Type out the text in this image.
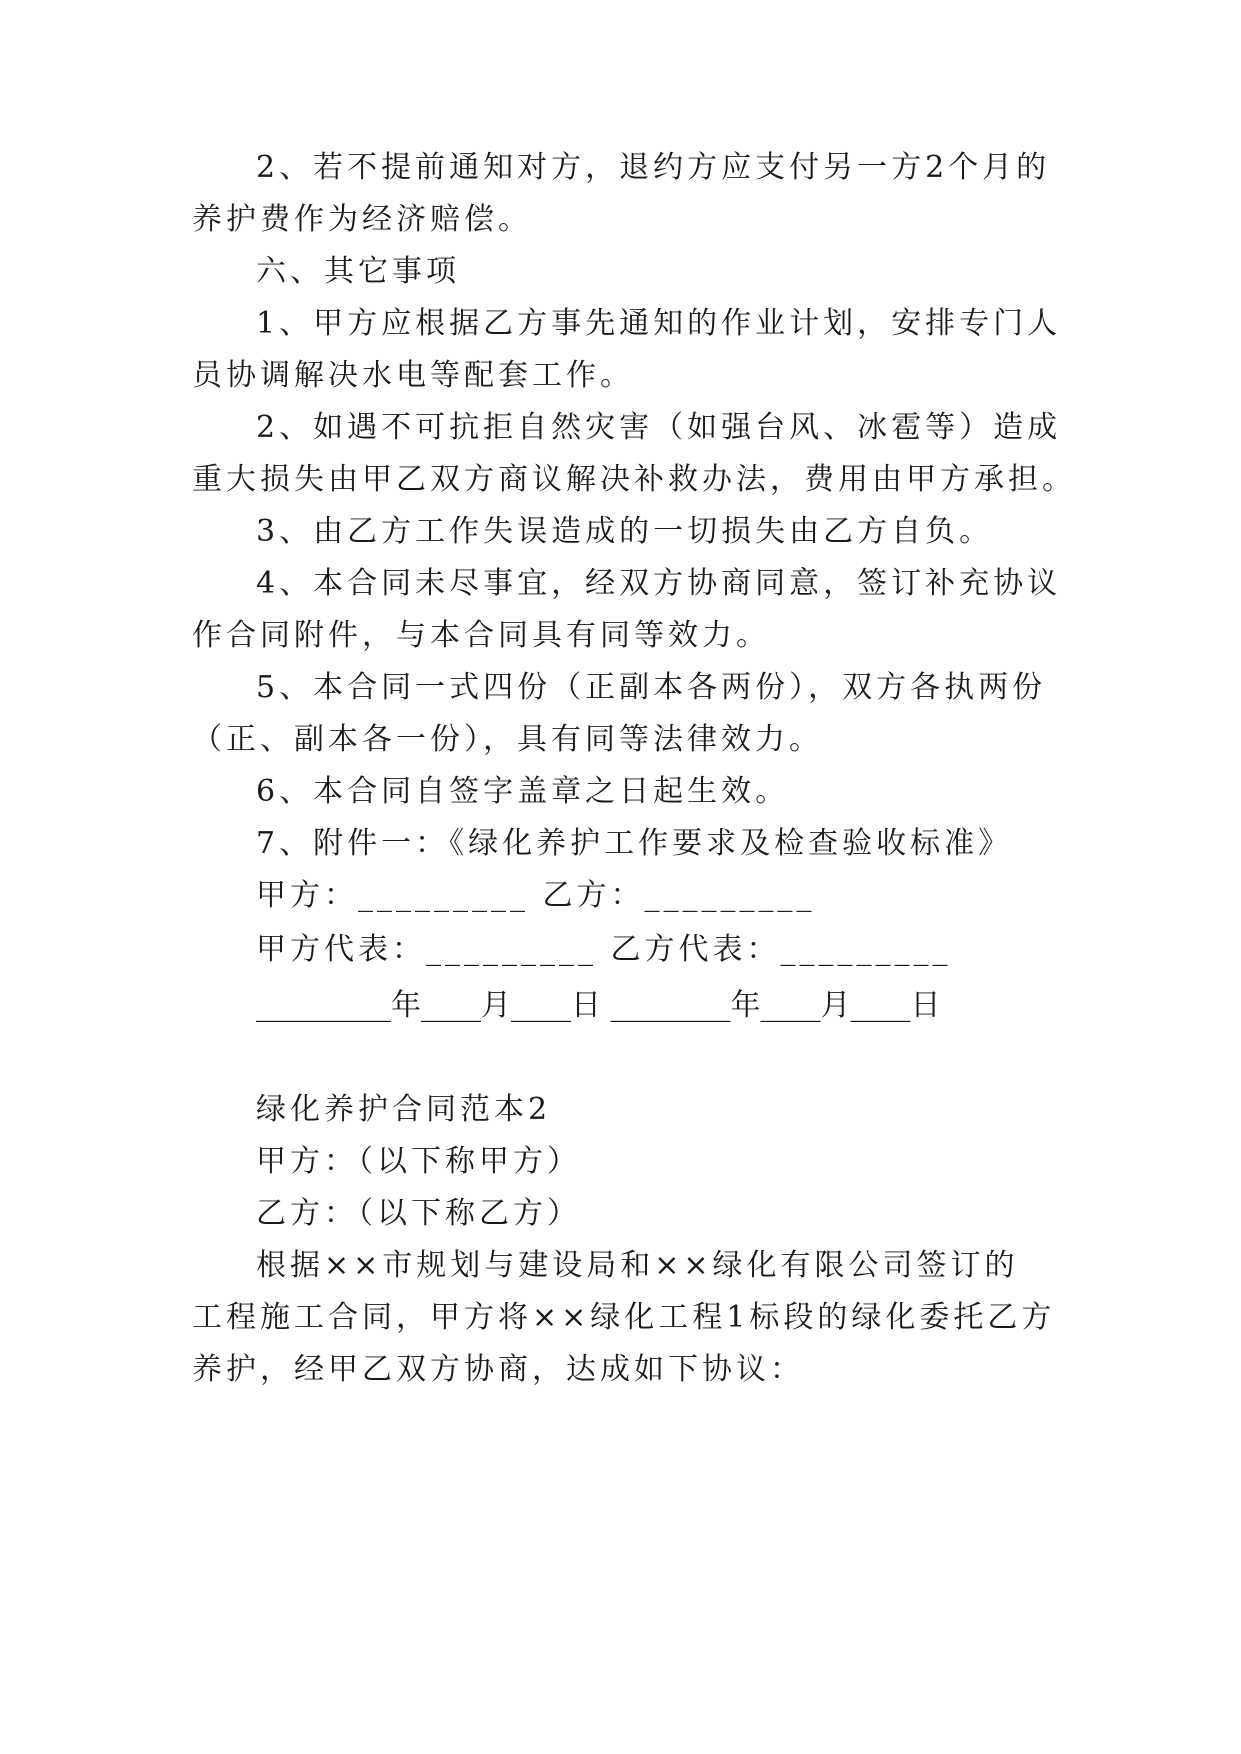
2、若不提前通知对方，退约方应支付另一方2个月的
养护费作为经济赔偿。
六、其它事项
1、甲方应根据乙方事先通知的作业计划，安排专门人
员协调解决水电等配套工作。
2、如遇不可抗拒自然灾害（如强台风、冰雹等）造成
重大损失由甲乙双方商议解决补救办法，费用由甲方承担。
3、由乙方工作失误造成的一切损失由乙方自负。
4、本合同未尽事宜，经双方协商同意，签订补充协议
作合同附件，与本合同具有同等效力。
5、本合同一式四份（正副本各两份），双方各执两份
（正、副本各一份），具有同等法律效力。
6、本合同自签字盖章之日起生效。
7、附件一：《绿化养护工作要求及检查验收标准》
甲方：_________ 乙方：_________
甲方代表：_________ 乙方代表：_________
_________年____月____日 ________年____月____日
绿化养护合同范本2
甲方：（以下称甲方）
乙方：（以下称乙方）
根据××市规划与建设局和××绿化有限公司签订的
工程施工合同，甲方将××绿化工程1标段的绿化委托乙方
养护，经甲乙双方协商，达成如下协议：
